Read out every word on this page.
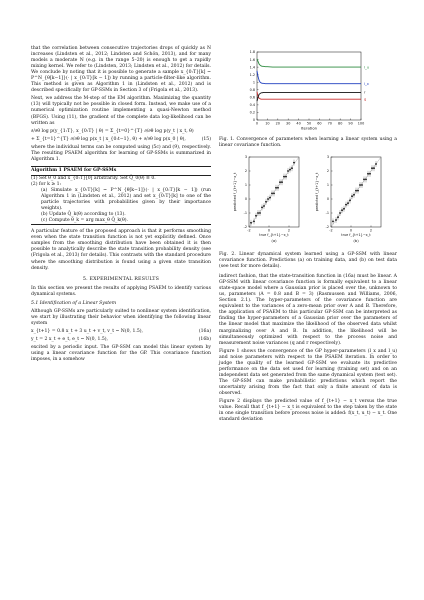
that the correlation between consecutive trajectories drops of quickly as N increases (Lindsten et al., 2012; Lindsten and Schön, 2013), and for many models a moderate N (e.g. in the range 5–20) is enough to get a rapidly mixing kernel. We refer to (Lindsten, 2013; Lindsten et al., 2012) for details. We conclude by noting that it is possible to generate a sample x_{0:T}[k] ~ P^N_{θ[k−1]}(· | x_{0:T}[k − 1]) by running a particle-filter-like algorithm. This method is given as Algorithm 1 in (Lindsten et al., 2012) and is described specifically for GP-SSMs in Section 3 of (Frigola et al., 2013).
Next, we address the M-step of the EM algorithm. Maximizing the quantity (13) will typically not be possible in closed form. Instead, we make use of a numerical optimization routine implementing a quasi-Newton method (BFGS). Using (11), the gradient of the complete data log-likelihood can be written as
∂/∂θ log p(y_{1:T}, x_{0:T} | θ) = Σ_{t=0}^{T} ∂/∂θ log p(y_t | x_t, θ)
+ Σ_{t=1}^{T} ∂/∂θ log p(x_t | x_{0:t−1}, θ) + ∂/∂θ log p(x_0 | θ),	(15)
where the individual terms can be computed using (5c) and (9), respectively. The resulting PSAEM algorithm for learning of GP-SSMs is summarized in Algorithm 1.
Algorithm 1 PSAEM for GP-SSMs
(1) Set θ_0 and x_{0:T}[0] arbitrarily. Set Q̂_0(θ) ≡ 0.
(2) for k ≥ 1:
(a) Simulate x_{0:T}[k] ~ P^N_{θ[k−1]}(· | x_{0:T}[k − 1]) (run Algorithm 1 in (Lindsten et al., 2012) and set x_{0:T}[k] to one of the particle trajectories with probabilities given by their importance weights).
(b) Update Q̂_k(θ) according to (13).
(c) Compute θ_k = arg max_θ Q̂_k(θ).
A particular feature of the proposed approach is that it performs smoothing even when the state transition function is not yet explicitly defined. Once samples from the smoothing distribution have been obtained it is then possible to analytically describe the state transition probability density (see (Frigola et al., 2013) for details). This contrasts with the standard procedure where the smoothing distribution is found using a given state transition density.
5. EXPERIMENTAL RESULTS
In this section we present the results of applying PSAEM to identify various dynamical systems.
5.1 Identification of a Linear System
Although GP-SSMs are particularly suited to nonlinear system identification, we start by illustrating their behavior when identifying the following linear system
x_{t+1} = 0.8 x_t + 3 u_t + v_t, v_t ~ N(0, 1.5),	(16a)
y_t = 2 x_t + e_t, e_t ~ N(0, 1.5),	(16b)
excited by a periodic input. The GP-SSM can model this linear system by using a linear covariance function for the GP. This covariance function imposes, in a somehow
0 10 20 30 40 50 60 70 80 90 100
0
0.2
0.4
0.6
0.8
1
1.2
1.4
1.6
1.8
Iteration
l_u
l_x
q
r
Fig. 1. Convergence of parameters when learning a linear system using a linear covariance function.
-2	0	2
-2
-1
0
1
2
3
true f_{t+1}−x_t
predicted f_{t+1}−x_t
(a)
-2	0	2
-2
-1
0
1
2
3
true f_{t+1}−x_t
predicted f_{t+1}−x_t
(b)
Fig. 2. Linear dynamical system learned using a GP-SSM with linear covariance function. Predictions (a) on training data, and (b) on test data (see text for more details).
indirect fashion, that the state-transition function in (16a) must be linear. A GP-SSM with linear covariance function is formally equivalent to a linear state-space model where a Gaussian prior is placed over the, unknown to us, parameters (A = 0.8 and B = 3) (Rasmussen and Williams, 2006, Section 2.1). The hyper-parameters of the covariance function are equivalent to the variances of a zero-mean prior over A and B. Therefore, the application of PSAEM to this particular GP-SSM can be interpreted as finding the hyper-parameters of a Gaussian prior over the parameters of the linear model that maximize the likelihood of the observed data whilst marginalizing over A and B. In addition, the likelihood will be simultaneously optimized with respect to the process noise and measurement noise variances (q and r respectively).
Figure 1 shows the convergence of the GP hyper-parameters (l_x and l_u) and noise parameters with respect to the PSAEM iteration. In order to judge the quality of the learned GP-SSM we evaluate its predictive performance on the data set used for learning (training set) and on an independent data set generated from the same dynamical system (test set). The GP-SSM can make probabilistic predictions which report the uncertainty arising from the fact that only a finite amount of data is observed.
Figure 2 displays the predicted value of f_{t+1} − x_t versus the true value. Recall that f_{t+1} − x_t is equivalent to the step taken by the state in one single transition before process noise is added: f(x_t, u_t) − x_t. One standard deviation
